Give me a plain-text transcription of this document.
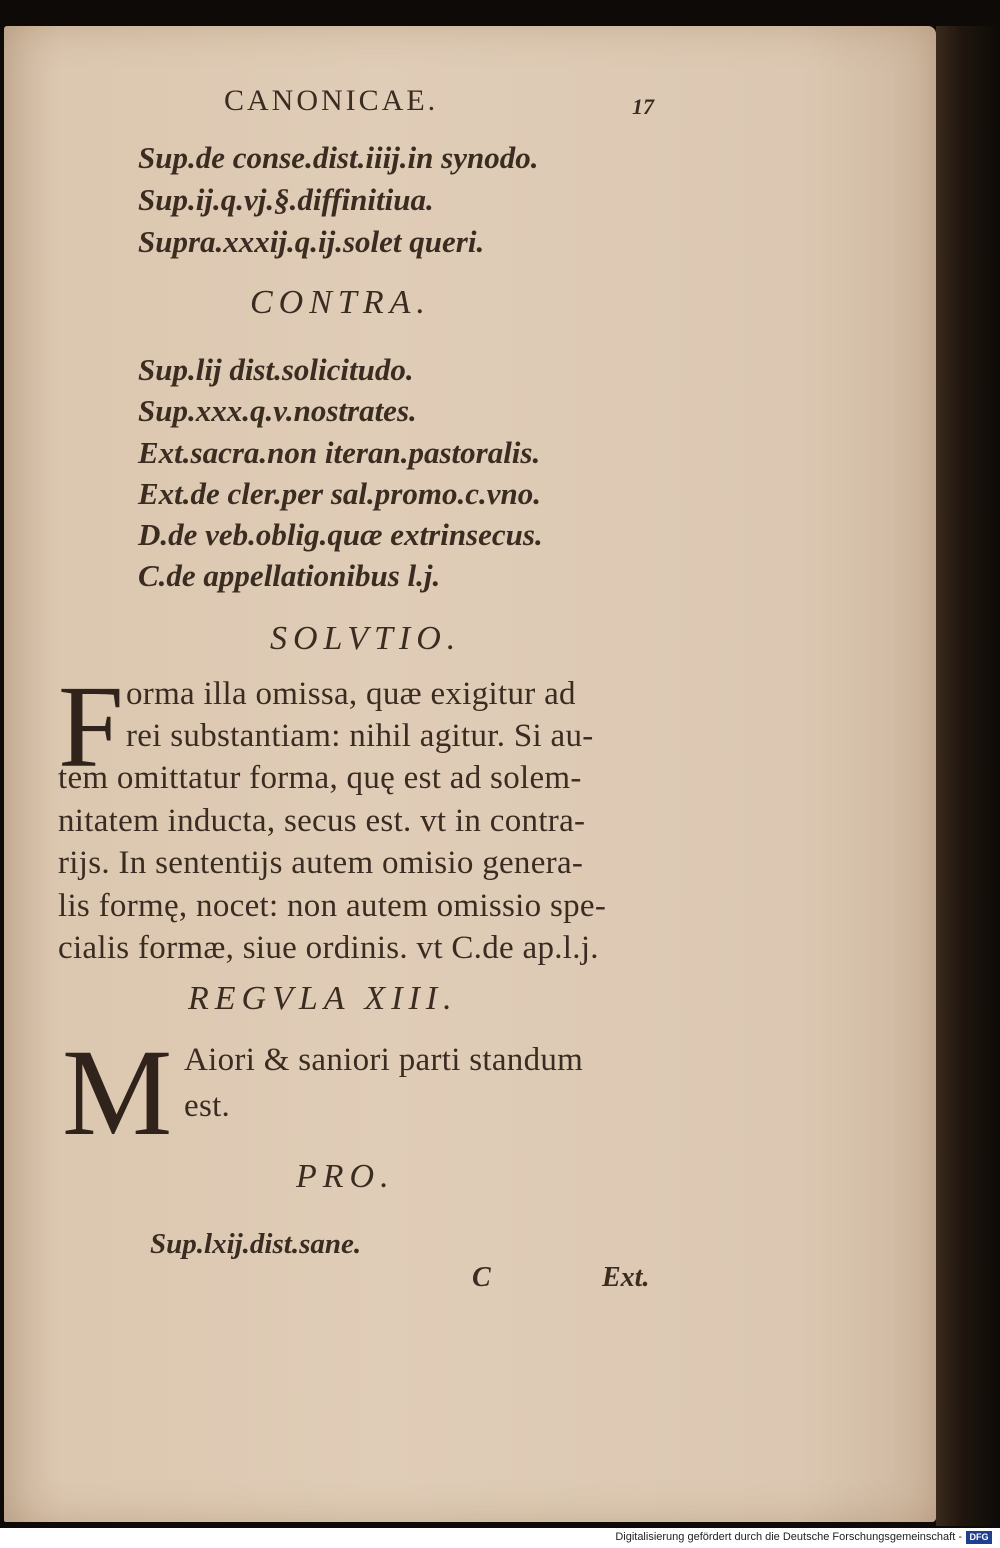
CANONICAE.	17
Sup.de conse.dist.iiij.in synodo.
Sup.ij.q.vj.§.diffinitiua.
Supra.xxxij.q.ij.solet queri.
CONTRA.
Sup.lij dist.solicitudo.
Sup.xxx.q.v.nostrates.
Ext.sacra.non iteran.pastoralis.
Ext.de cler.per sal.promo.c.vno.
D.de veb.oblig.quæ extrinsecus.
C.de appellationibus l.j.
SOLVTIO.
F orma illa omissa, quæ exigitur ad
rei substantiam: nihil agitur. Si au-
tem omittatur forma, quę est ad solem-
nitatem inducta, secus est. vt in contra-
rijs. In sententijs autem omisio genera-
lis formę, nocet: non autem omissio spe-
cialis formæ, siue ordinis. vt C.de ap.l.j.
REGVLA XIII.
M Aiori & saniori parti standum
est.
PRO.
Sup.lxij.dist.sane.
C	Ext.
Digitalisierung gefördert durch die Deutsche Forschungsgemeinschaft - DFG
